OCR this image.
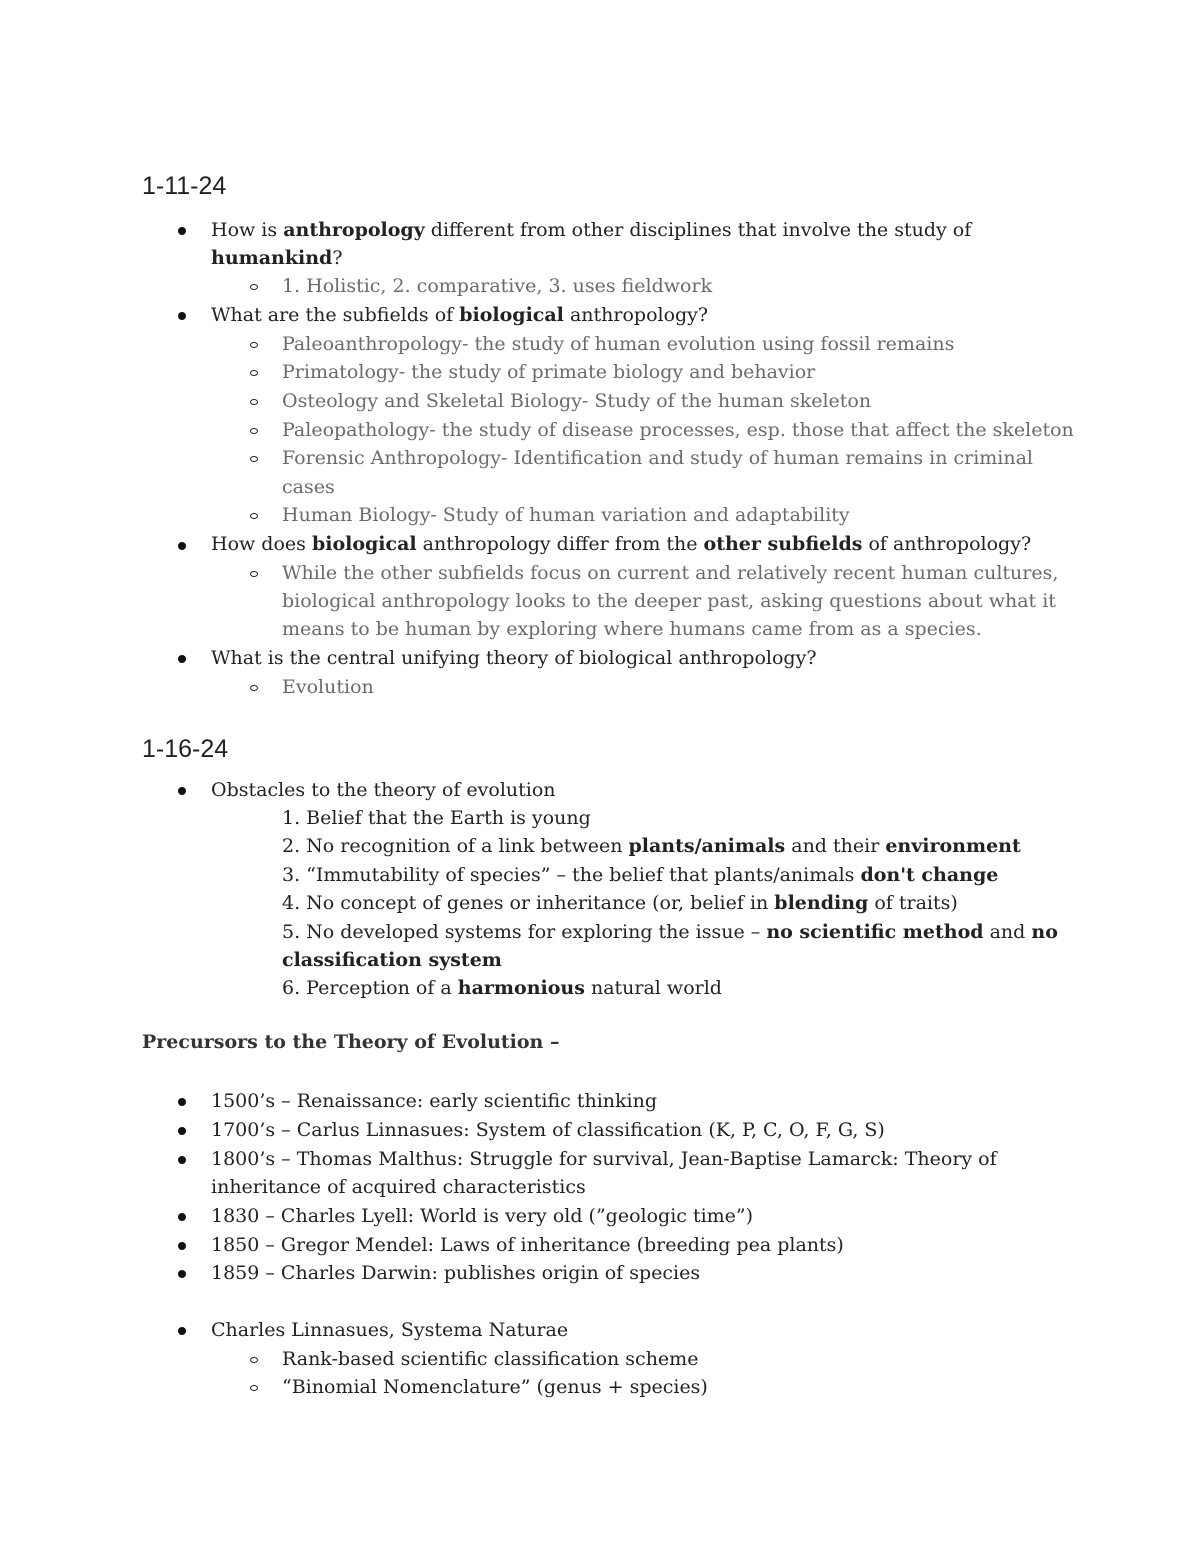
1-11-24
How is anthropology different from other disciplines that involve the study of
humankind?
1. Holistic, 2. comparative, 3. uses fieldwork
What are the subfields of biological anthropology?
Paleoanthropology- the study of human evolution using fossil remains
Primatology- the study of primate biology and behavior
Osteology and Skeletal Biology- Study of the human skeleton
Paleopathology- the study of disease processes, esp. those that affect the skeleton
Forensic Anthropology- Identification and study of human remains in criminal
cases
Human Biology- Study of human variation and adaptability
How does biological anthropology differ from the other subfields of anthropology?
While the other subfields focus on current and relatively recent human cultures,
biological anthropology looks to the deeper past, asking questions about what it
means to be human by exploring where humans came from as a species.
What is the central unifying theory of biological anthropology?
Evolution
1-16-24
Obstacles to the theory of evolution
1. Belief that the Earth is young
2. No recognition of a link between plants/animals and their environment
3. “Immutability of species” – the belief that plants/animals don't change
4. No concept of genes or inheritance (or, belief in blending of traits)
5. No developed systems for exploring the issue – no scientific method and no
classification system
6. Perception of a harmonious natural world
Precursors to the Theory of Evolution –
1500’s – Renaissance: early scientific thinking
1700’s – Carlus Linnasues: System of classification (K, P, C, O, F, G, S)
1800’s – Thomas Malthus: Struggle for survival, Jean-Baptise Lamarck: Theory of
inheritance of acquired characteristics
1830 – Charles Lyell: World is very old (”geologic time”)
1850 – Gregor Mendel: Laws of inheritance (breeding pea plants)
1859 – Charles Darwin: publishes origin of species
Charles Linnasues, Systema Naturae
Rank-based scientific classification scheme
“Binomial Nomenclature” (genus + species)
